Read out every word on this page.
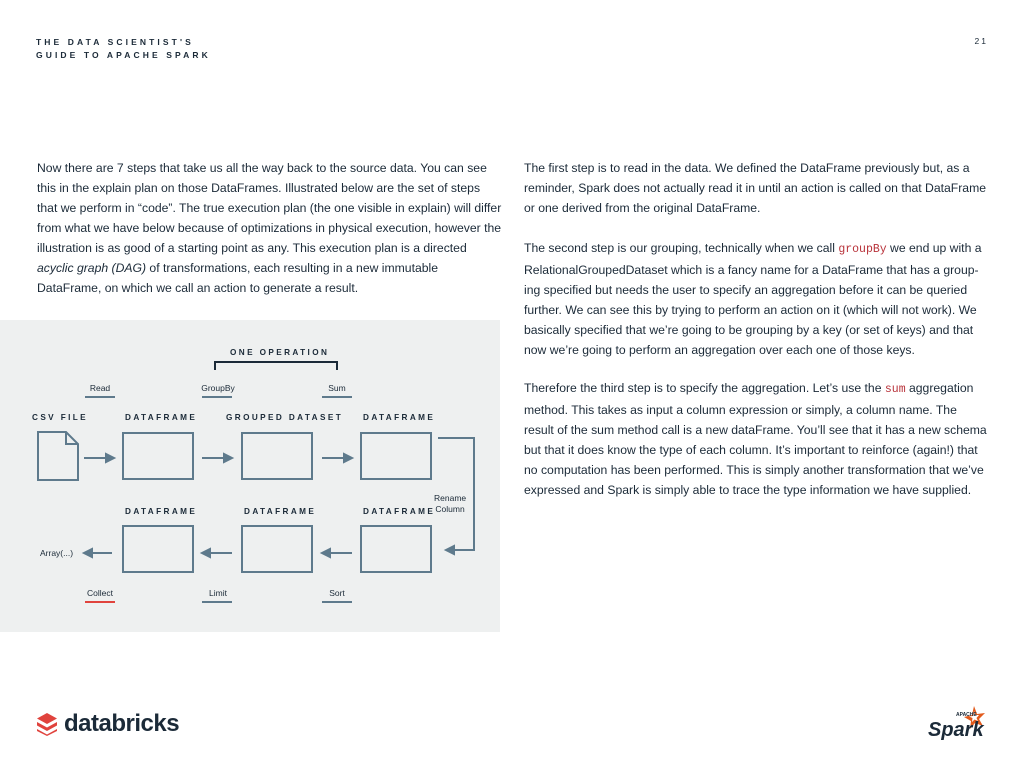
THE DATA SCIENTIST'S
GUIDE TO APACHE SPARK
21

Now there are 7 steps that take us all the way back to the source data. You can see this in the explain plan on those DataFrames. Illustrated below are the set of steps that we perform in “code”. The true execution plan (the one visible in explain) will differ from what we have below because of optimizations in physical execution, however the illustration is as good of a starting point as any. This execution plan is a directed acyclic graph (DAG) of transformations, each resulting in a new immutable DataFrame, on which we call an action to generate a result.

The first step is to read in the data. We defined the DataFrame previously but, as a reminder, Spark does not actually read it in until an action is called on that DataFrame or one derived from the original DataFrame.

The second step is our grouping, technically when we call groupBy we end up with a RelationalGroupedDataset which is a fancy name for a DataFrame that has a group-ing specified but needs the user to specify an aggregation before it can be queried further. We can see this by trying to perform an action on it (which will not work). We basically specified that we’re going to be grouping by a key (or set of keys) and that now we’re going to perform an aggregation over each one of those keys.

Therefore the third step is to specify the aggregation. Let’s use the sum aggregation method. This takes as input a column expression or simply, a column name. The result of the sum method call is a new dataFrame. You’ll see that it has a new schema but that it does know the type of each column. It’s important to reinforce (again!) that no computation has been performed. This is simply another transformation that we’ve expressed and Spark is simply able to trace the type information we have supplied.

ONE OPERATION
Read	GroupBy	Sum
CSV FILE	DATAFRAME	GROUPED DATASET DATAFRAME
Rename
Column
DATAFRAME	DATAFRAME	DATAFRAME
Array(...)
Collect	Limit	Sort
databricks	APACHE
Spark
